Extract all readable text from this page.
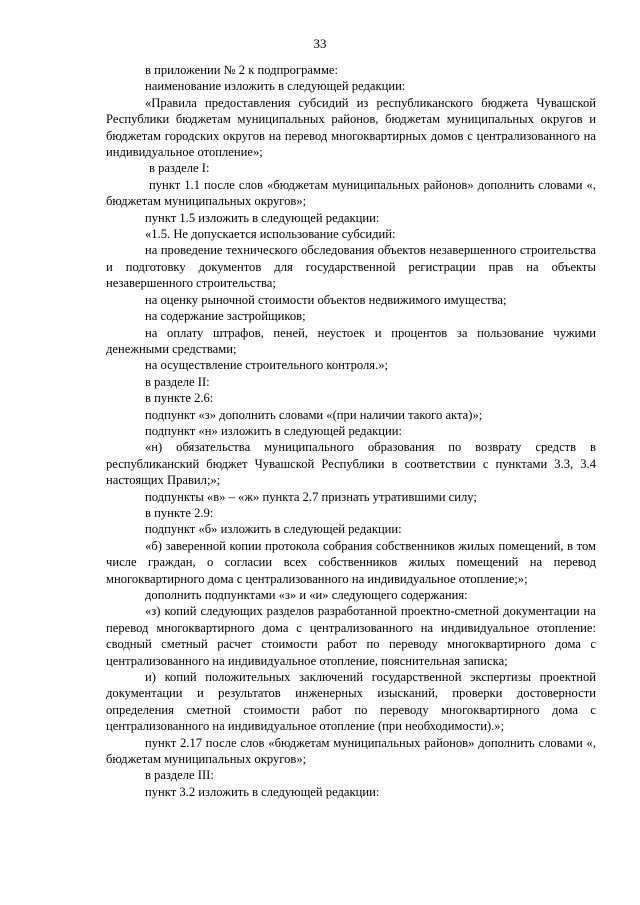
33

в приложении № 2 к подпрограмме:

наименование изложить в следующей редакции:

«Правила предоставления субсидий из республиканского бюджета Чувашской Республики бюджетам муниципальных районов, бюджетам муниципальных округов и бюджетам городских округов на перевод многоквартирных домов с централизованного на индивидуальное отопление»;

в разделе I:

пункт 1.1 после слов «бюджетам муниципальных районов» дополнить словами «, бюджетам муниципальных округов»;

пункт 1.5 изложить в следующей редакции:

«1.5. Не допускается использование субсидий:

на проведение технического обследования объектов незавершенного строительства и подготовку документов для государственной регистрации прав на объекты незавершенного строительства;

на оценку рыночной стоимости объектов недвижимого имущества;

на содержание застройщиков;

на оплату штрафов, пеней, неустоек и процентов за пользование чужими денежными средствами;

на осуществление строительного контроля.»;

в разделе II:

в пункте 2.6:

подпункт «з» дополнить словами «(при наличии такого акта)»;

подпункт «н» изложить в следующей редакции:

«н) обязательства муниципального образования по возврату средств в республиканский бюджет Чувашской Республики в соответствии с пунктами 3.3, 3.4 настоящих Правил;»;

подпункты «в» – «ж» пункта 2.7 признать утратившими силу;

в пункте 2.9:

подпункт «б» изложить в следующей редакции:

«б) заверенной копии протокола собрания собственников жилых помещений, в том числе граждан, о согласии всех собственников жилых помещений на перевод многоквартирного дома с централизованного на индивидуальное отопление;»;

дополнить подпунктами «з» и «и» следующего содержания:

«з) копий следующих разделов разработанной проектно-сметной документации на перевод многоквартирного дома с централизованного на индивидуальное отопление: сводный сметный расчет стоимости работ по переводу многоквартирного дома с централизованного на индивидуальное отопление, пояснительная записка;

и) копий положительных заключений государственной экспертизы проектной документации и результатов инженерных изысканий, проверки достоверности определения сметной стоимости работ по переводу многоквартирного дома с централизованного на индивидуальное отопление (при необходимости).»;

пункт 2.17 после слов «бюджетам муниципальных районов» дополнить словами «, бюджетам муниципальных округов»;

в разделе III:

пункт 3.2 изложить в следующей редакции:
